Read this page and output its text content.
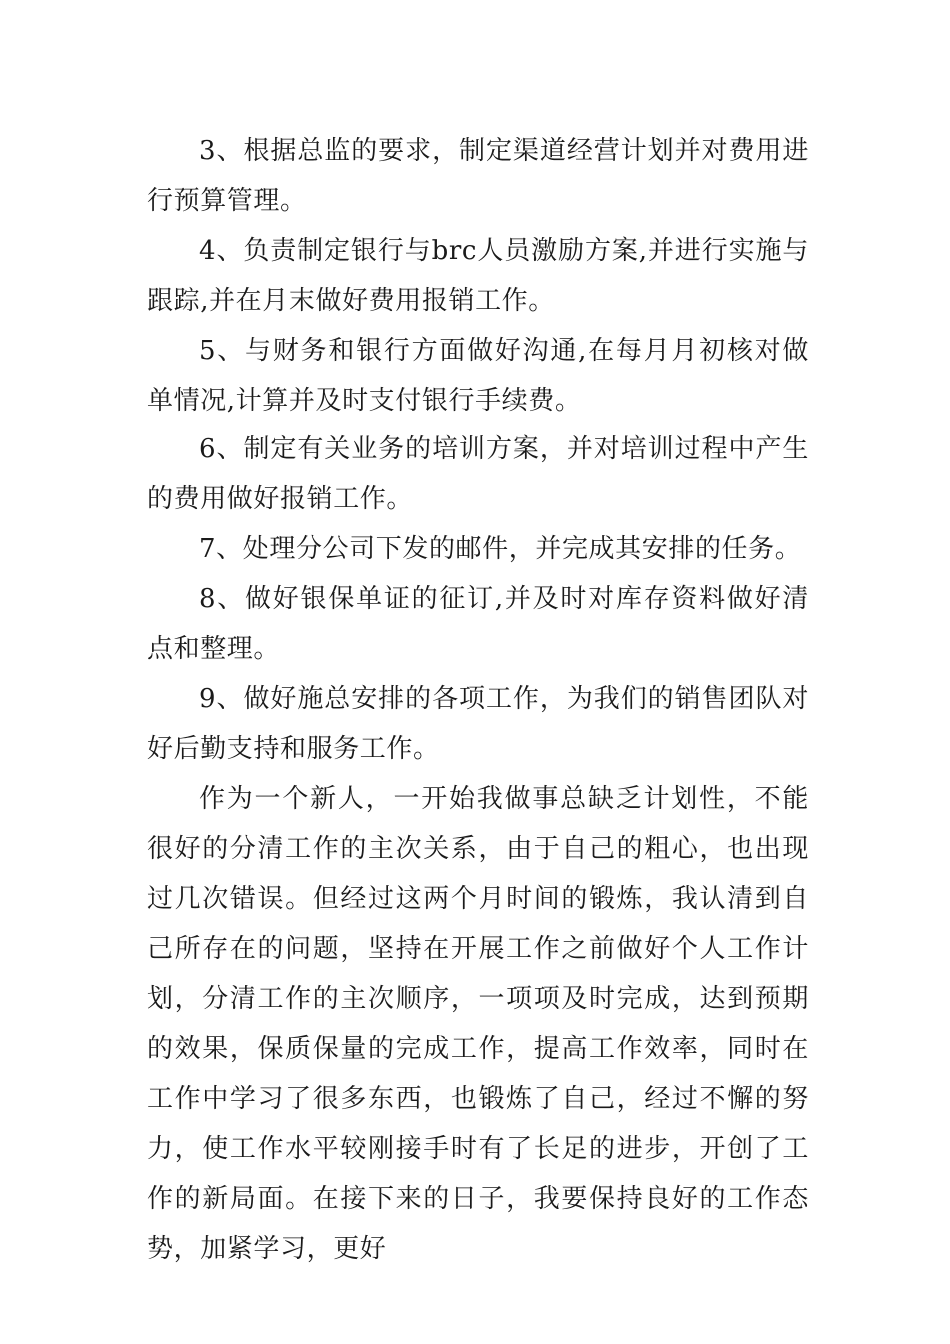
3、根据总监的要求，制定渠道经营计划并对费用进行预算管理。

4、负责制定银行与brc人员激励方案,并进行实施与跟踪,并在月末做好费用报销工作。

5、与财务和银行方面做好沟通,在每月月初核对做单情况,计算并及时支付银行手续费。

6、制定有关业务的培训方案，并对培训过程中产生的费用做好报销工作。

7、处理分公司下发的邮件，并完成其安排的任务。

8、做好银保单证的征订,并及时对库存资料做好清点和整理。

9、做好施总安排的各项工作，为我们的销售团队对好后勤支持和服务工作。

作为一个新人，一开始我做事总缺乏计划性，不能很好的分清工作的主次关系，由于自己的粗心，也出现过几次错误。但经过这两个月时间的锻炼，我认清到自己所存在的问题，坚持在开展工作之前做好个人工作计划，分清工作的主次顺序，一项项及时完成，达到预期的效果，保质保量的完成工作，提高工作效率，同时在工作中学习了很多东西，也锻炼了自己，经过不懈的努力，使工作水平较刚接手时有了长足的进步，开创了工作的新局面。在接下来的日子，我要保持良好的工作态势，加紧学习，更好
